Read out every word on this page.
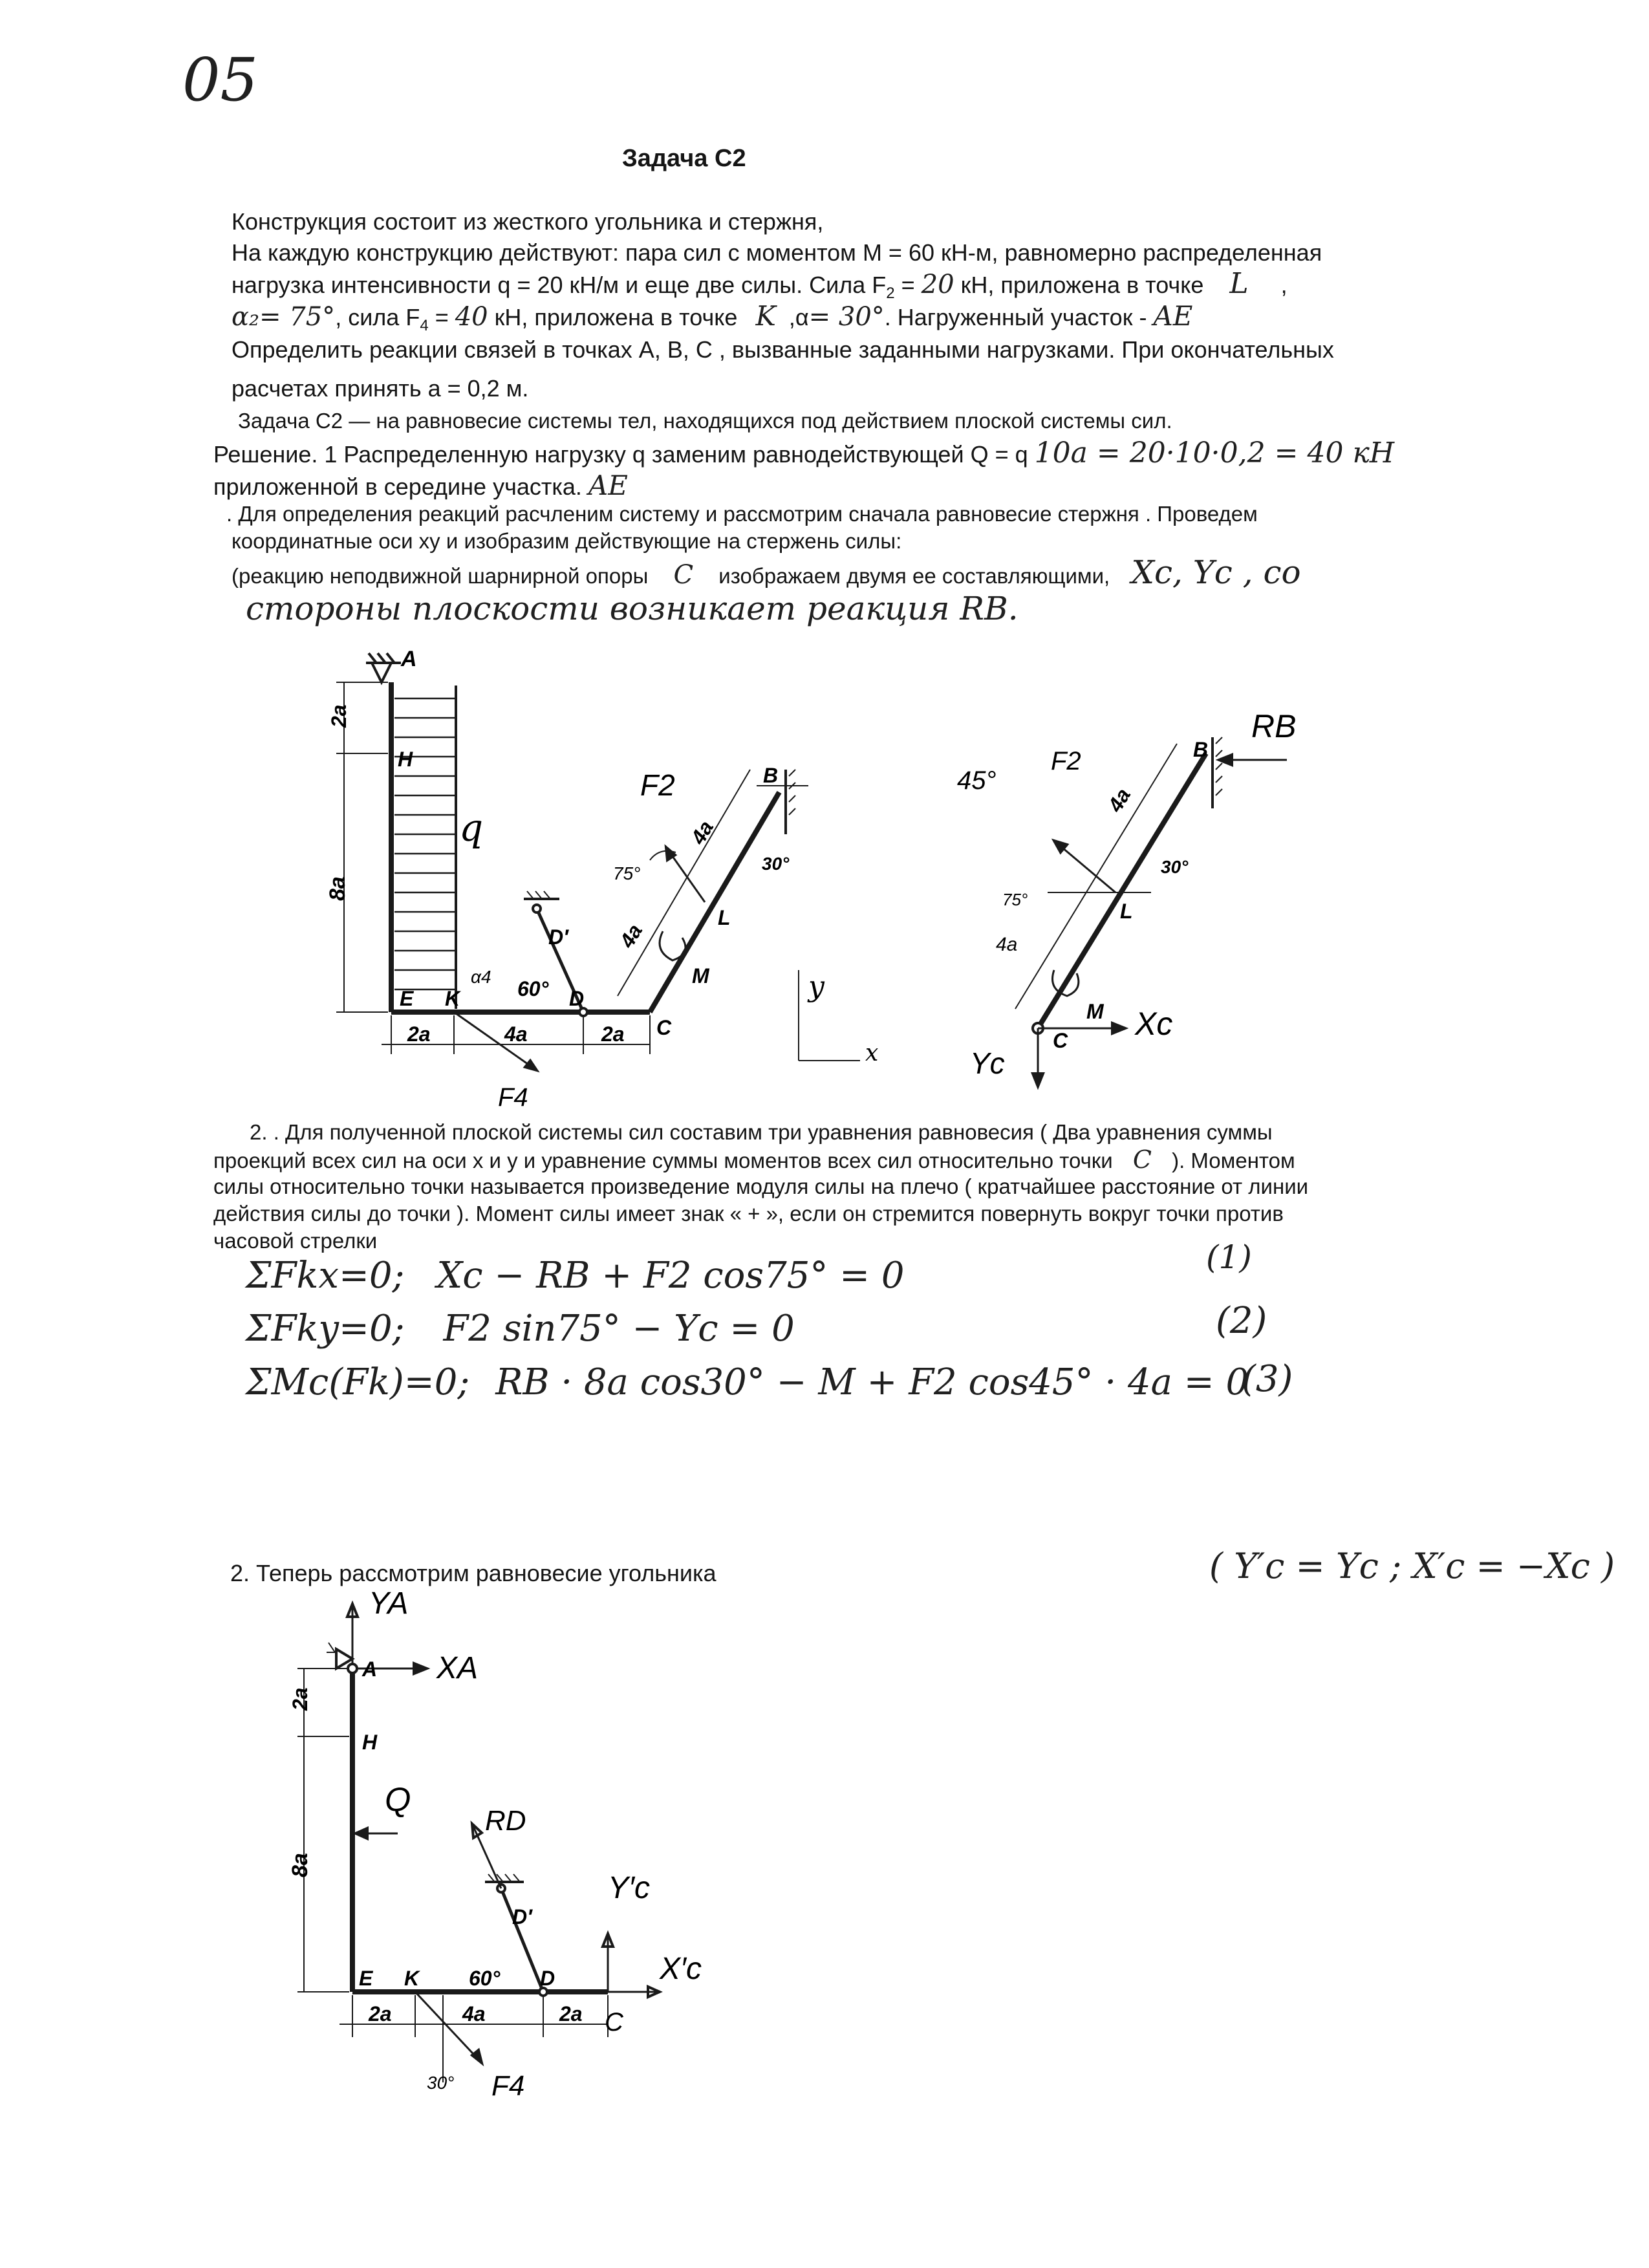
05
Задача С2
Конструкция состоит из жесткого угольника и стержня,
На каждую конструкцию действуют: пара сил с моментом М = 60 кН-м, равномерно распределенная
нагрузка интенсивности q = 20 кН/м и еще две силы. Сила $F_2 = 20$ кН, приложена в точке L ,
α₂= 75°, сила $F_4 = 40$ кН, приложена в точке K ,α= 30°. Нагруженный участок - AE
Определить реакции связей в точках A, B, C , вызванные заданными нагрузками. При окончательных
расчетах принять a = 0,2 м.
Задача С2 — на равновесие системы тел, находящихся под действием плоской системы сил.
Решение. 1 Распределенную нагрузку q заменим равнодействующей Q = q 10a = 20·10·0,2 = 40 кН
приложенной в середине участка. AE
. Для определения реакций расчленим систему и рассмотрим сначала равновесие стержня . Проведем
координатные оси xy и изобразим действующие на стержень силы:
(реакцию неподвижной шарнирной опоры C изображаем двумя ее составляющими, Xc, Yc , со
стороны плоскости возникает реакция RB.
A
H
E K	D
D′
C
B
L
q
M
F2
F4
75°
60°
30°
α4
2a
8a
2a	4a	2a
4a
4a
y
x
B
L
C
M
RB
Xc
Yc
F2
45°
75°
30°
4a
4a
2. . Для полученной плоской системы сил составим три уравнения равновесия ( Два уравнения суммы
проекций всех сил на оси x и y и уравнение суммы моментов всех сил относительно точки C ). Моментом
силы относительно точки называется произведение модуля силы на плечо ( кратчайшее расстояние от линии
действия силы до точки ). Момент силы имеет знак « + », если он стремится повернуть вокруг точки против
часовой стрелки
ΣFkx=0; Xc − RB + F2 cos75° = 0	(1)
ΣFky=0; F2 sin75° − Yc = 0	(2)
ΣMc(Fk)=0; RB · 8a cos30° − M + F2 cos45° · 4a = 0
(3)
2. Теперь рассмотрим равновесие угольника	( Y′c = Yc ; X′c = −Xc )
YA
XA
A
H
Q
RD
D′
D
E K 60°
C
Y′c
X′c
F4
30°
2a
8a
2a	4a	2a
